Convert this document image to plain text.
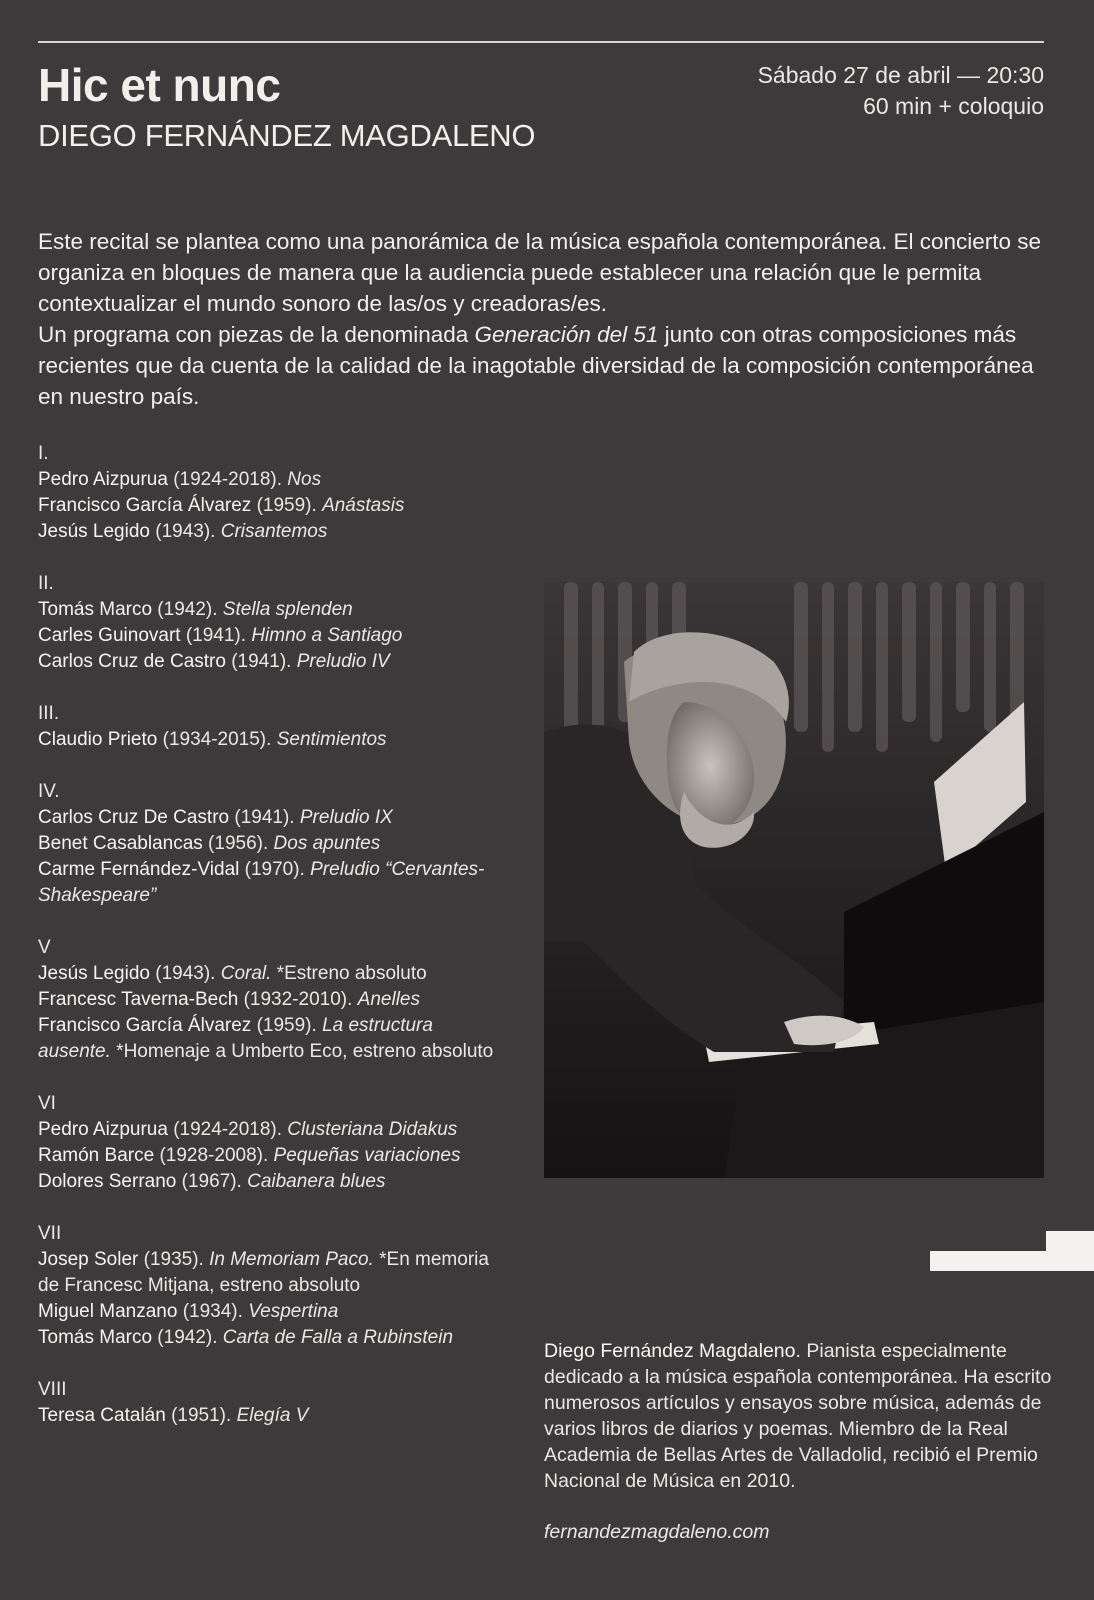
Hic et nunc
DIEGO FERNÁNDEZ MAGDALENO
Sábado 27 de abril — 20:30
60 min + coloquio

Este recital se plantea como una panorámica de la música española contemporánea. El concierto se organiza en bloques de manera que la audiencia puede establecer una relación que le permita contextualizar el mundo sonoro de las/os y creadoras/es.

Un programa con piezas de la denominada Generación del 51 junto con otras composiciones más recientes que da cuenta de la calidad de la inagotable diversidad de la composición contemporánea en nuestro país.

I.
Pedro Aizpurua (1924-2018). Nos
Francisco García Álvarez (1959). Anástasis
Jesús Legido (1943). Crisantemos
II.
Tomás Marco (1942). Stella splenden
Carles Guinovart (1941). Himno a Santiago
Carlos Cruz de Castro (1941). Preludio IV
III.
Claudio Prieto (1934-2015). Sentimientos
IV.
Carlos Cruz De Castro (1941). Preludio IX
Benet Casablancas (1956). Dos apuntes
Carme Fernández-Vidal (1970). Preludio “Cervantes-Shakespeare”
V
Jesús Legido (1943). Coral. *Estreno absoluto
Francesc Taverna-Bech (1932-2010). Anelles
Francisco García Álvarez (1959). La estructura ausente. *Homenaje a Umberto Eco, estreno absoluto
VI
Pedro Aizpurua (1924-2018). Clusteriana Didakus
Ramón Barce (1928-2008). Pequeñas variaciones
Dolores Serrano (1967). Caibanera blues
VII
Josep Soler (1935). In Memoriam Paco. *En memoria de Francesc Mitjana, estreno absoluto
Miguel Manzano (1934). Vespertina
Tomás Marco (1942). Carta de Falla a Rubinstein
VIII
Teresa Catalán (1951). Elegía V
Diego Fernández Magdaleno. Pianista especialmente dedicado a la música española contemporánea. Ha escrito numerosos artículos y ensayos sobre música, además de varios libros de diarios y poemas. Miembro de la Real Academia de Bellas Artes de Valladolid, recibió el Premio Nacional de Música en 2010.
fernandezmagdaleno.com
